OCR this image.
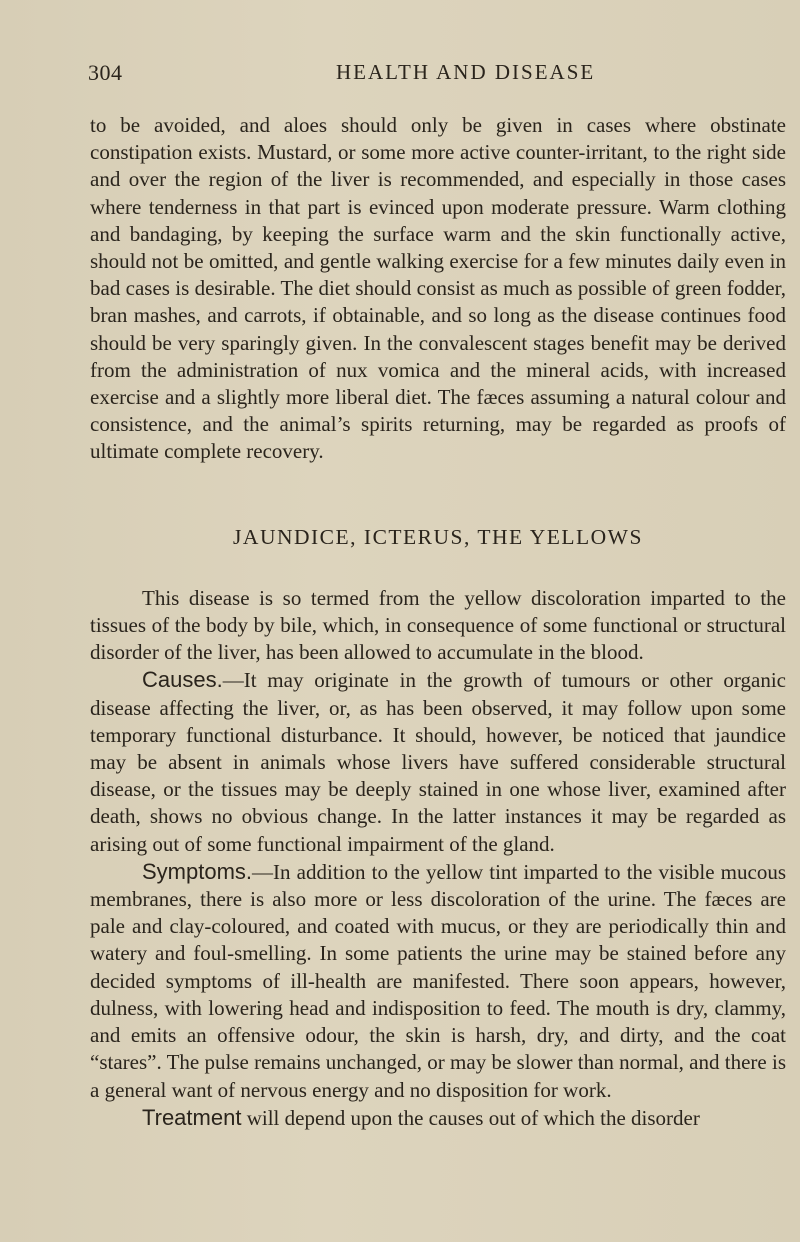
304	HEALTH AND DISEASE

to be avoided, and aloes should only be given in cases where obstinate constipation exists. Mustard, or some more active counter-irritant, to the right side and over the region of the liver is recommended, and especially in those cases where tenderness in that part is evinced upon moderate pressure. Warm clothing and bandaging, by keeping the surface warm and the skin functionally active, should not be omitted, and gentle walking exercise for a few minutes daily even in bad cases is desirable. The diet should consist as much as possible of green fodder, bran mashes, and carrots, if obtainable, and so long as the disease continues food should be very sparingly given. In the convalescent stages benefit may be derived from the administration of nux vomica and the mineral acids, with increased exercise and a slightly more liberal diet. The fæces assuming a natural colour and consistence, and the animal’s spirits returning, may be regarded as proofs of ultimate complete recovery.

JAUNDICE, ICTERUS, THE YELLOWS

This disease is so termed from the yellow discoloration imparted to the tissues of the body by bile, which, in consequence of some functional or structural disorder of the liver, has been allowed to accumulate in the blood.

Causes.—It may originate in the growth of tumours or other organic disease affecting the liver, or, as has been observed, it may follow upon some temporary functional disturbance. It should, however, be noticed that jaundice may be absent in animals whose livers have suffered considerable structural disease, or the tissues may be deeply stained in one whose liver, examined after death, shows no obvious change. In the latter instances it may be regarded as arising out of some functional impairment of the gland.

Symptoms.—In addition to the yellow tint imparted to the visible mucous membranes, there is also more or less discoloration of the urine. The fæces are pale and clay-coloured, and coated with mucus, or they are periodically thin and watery and foul-smelling. In some patients the urine may be stained before any decided symptoms of ill-health are manifested. There soon appears, however, dulness, with lowering head and indisposition to feed. The mouth is dry, clammy, and emits an offensive odour, the skin is harsh, dry, and dirty, and the coat “stares”. The pulse remains unchanged, or may be slower than normal, and there is a general want of nervous energy and no disposition for work.

Treatment will depend upon the causes out of which the disorder
